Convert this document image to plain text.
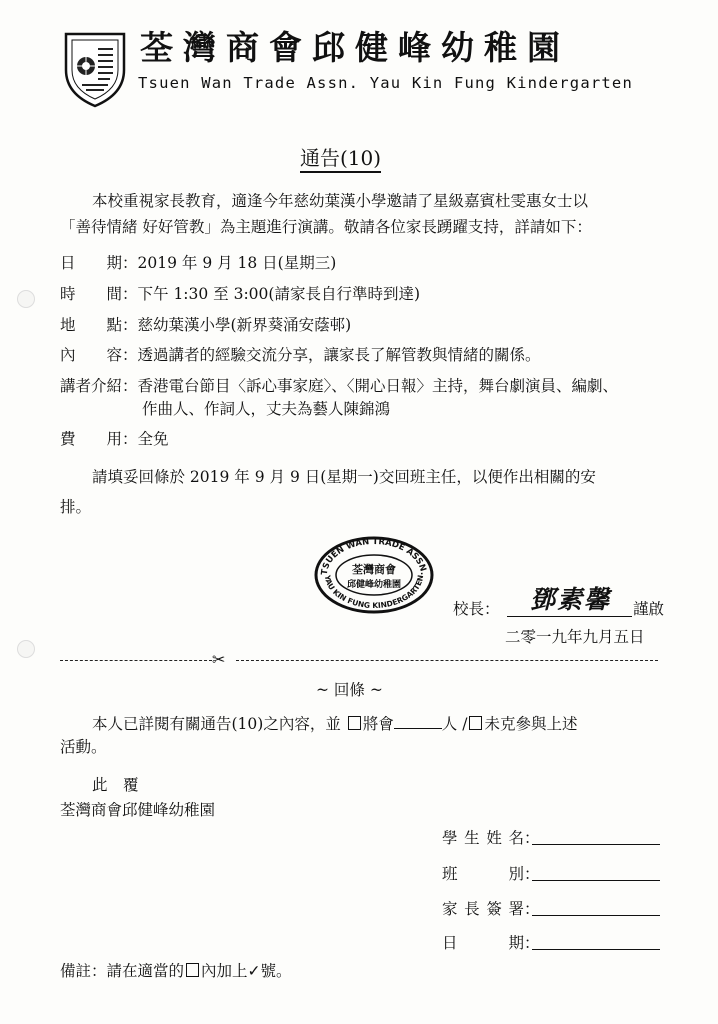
荃灣商會邱健峰幼稚園
Tsuen Wan Trade Assn. Yau Kin Fung Kindergarten
通告(10)
本校重視家長教育，適逢今年慈幼葉漢小學邀請了星級嘉賓杜雯惠女士以
「善待情緒 好好管教」為主題進行演講。敬請各位家長踴躍支持，詳請如下：
日 期 ：2019 年 9 月 18 日(星期三)
時 間 ：下午 1:30 至 3:00(請家長自行準時到達)
地 點 ：慈幼葉漢小學(新界葵涌安蔭邨)
內 容 ：透過講者的經驗交流分享，讓家長了解管教與情緒的關係。
講者介紹：香港電台節目〈訴心事家庭〉、〈開心日報〉主持，舞台劇演員、編劇、
作曲人、作詞人，丈夫為藝人陳錦鴻
費 用 ：全免
請填妥回條於 2019 年 9 月 9 日(星期一)交回班主任，以便作出相關的安
排。
TSUEN WAN TRADE ASSN.
YAU KIN FUNG KINDERGARTEN
荃灣商會
邱健峰幼稚園
校長： 鄧素馨 謹啟
二零一九年九月五日
✂
~ 回條 ~
本人已詳閱有關通告(10)之內容，並 將會	人 / 未克參與上述
活動。
此　覆
荃灣商會邱健峰幼稚園
學 生 姓 名 ：
班	別 ：
家 長 簽 署 ：
日	期 ：
備註：請在適當的 內加上✓號。
